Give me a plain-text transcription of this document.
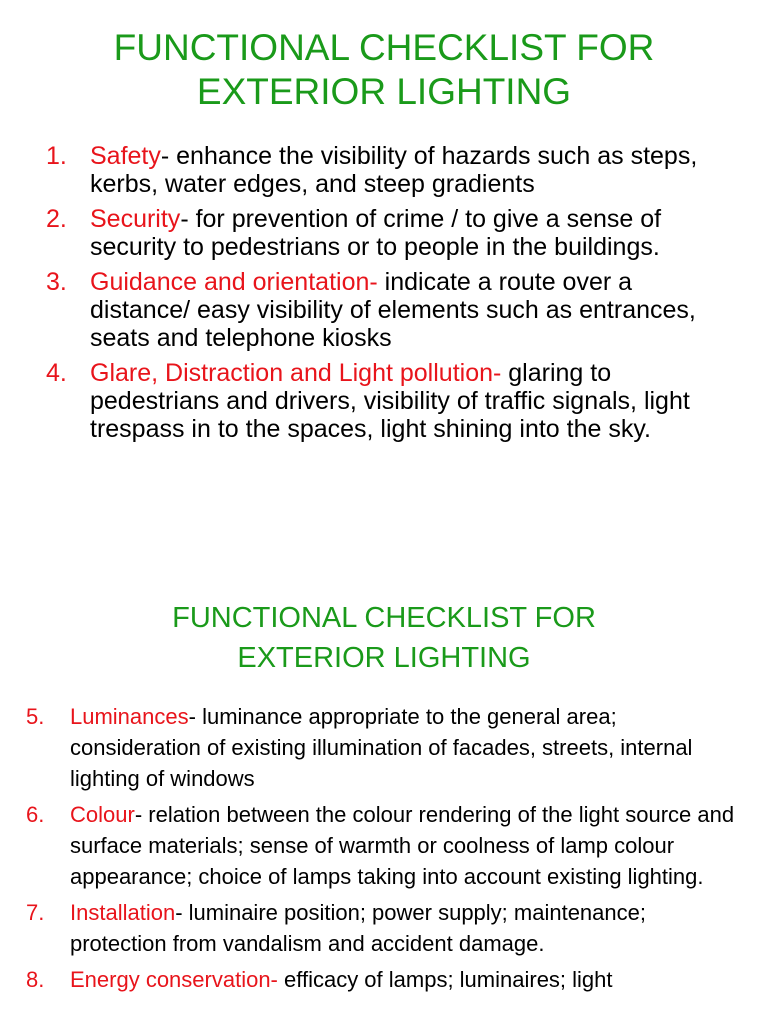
FUNCTIONAL CHECKLIST FOR
EXTERIOR LIGHTING
1. Safety- enhance the visibility of hazards such as steps, kerbs, water edges, and steep gradients
2. Security- for prevention of crime / to give a sense of security to pedestrians or to people in the buildings.
3. Guidance and orientation- indicate a route over a distance/ easy visibility of elements such as entrances, seats and telephone kiosks
4. Glare, Distraction and Light pollution- glaring to pedestrians and drivers, visibility of traffic signals, light trespass in to the spaces, light shining into the sky.
FUNCTIONAL CHECKLIST FOR
EXTERIOR LIGHTING
5. Luminances- luminance appropriate to the general area; consideration of existing illumination of facades, streets, internal lighting of windows
6. Colour- relation between the colour rendering of the light source and surface materials; sense of warmth or coolness of lamp colour appearance; choice of lamps taking into account existing lighting.
7. Installation- luminaire position; power supply; maintenance; protection from vandalism and accident damage.
8. Energy conservation- efficacy of lamps; luminaires; light
